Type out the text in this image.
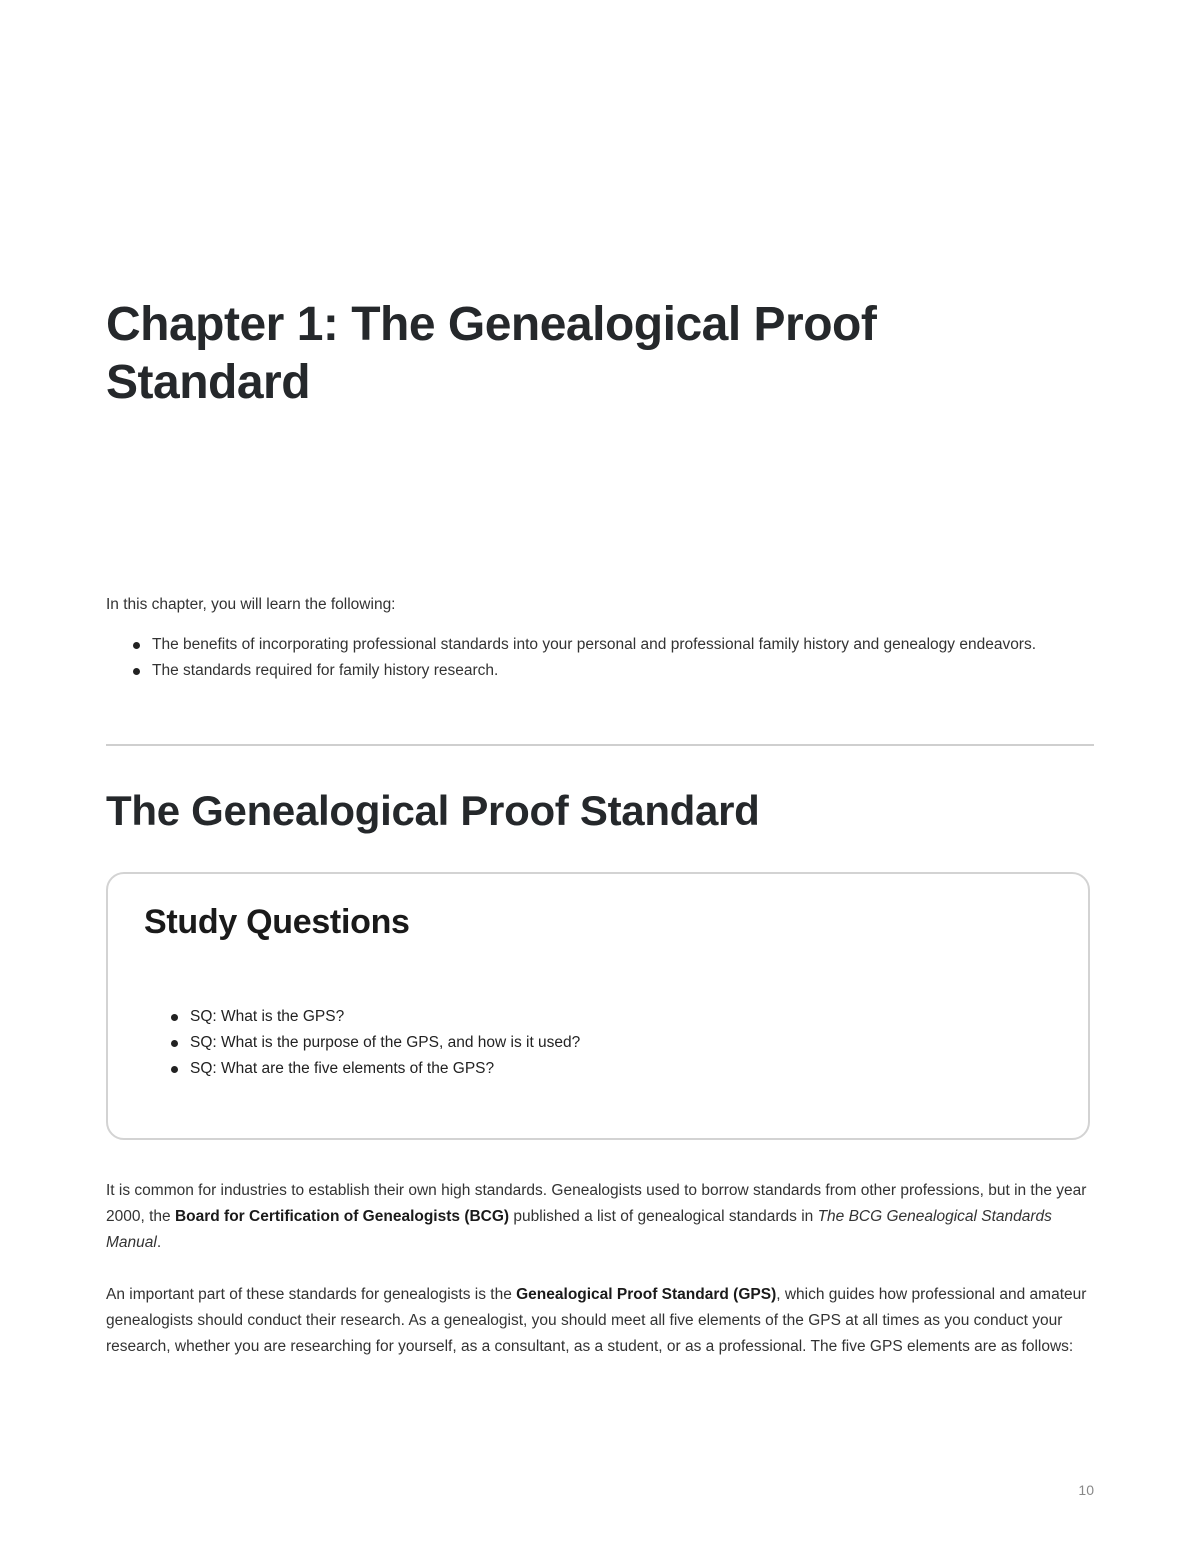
Chapter 1: The Genealogical Proof Standard

In this chapter, you will learn the following:

The benefits of incorporating professional standards into your personal and professional family history and genealogy endeavors.
The standards required for family history research.
The Genealogical Proof Standard
Study Questions
SQ: What is the GPS?
SQ: What is the purpose of the GPS, and how is it used?
SQ: What are the five elements of the GPS?

It is common for industries to establish their own high standards. Genealogists used to borrow standards from other professions, but in the year 2000, the Board for Certification of Genealogists (BCG) published a list of genealogical standards in The BCG Genealogical Standards Manual.

An important part of these standards for genealogists is the Genealogical Proof Standard (GPS), which guides how professional and amateur genealogists should conduct their research. As a genealogist, you should meet all five elements of the GPS at all times as you conduct your research, whether you are researching for yourself, as a consultant, as a student, or as a professional. The five GPS elements are as follows:

10
